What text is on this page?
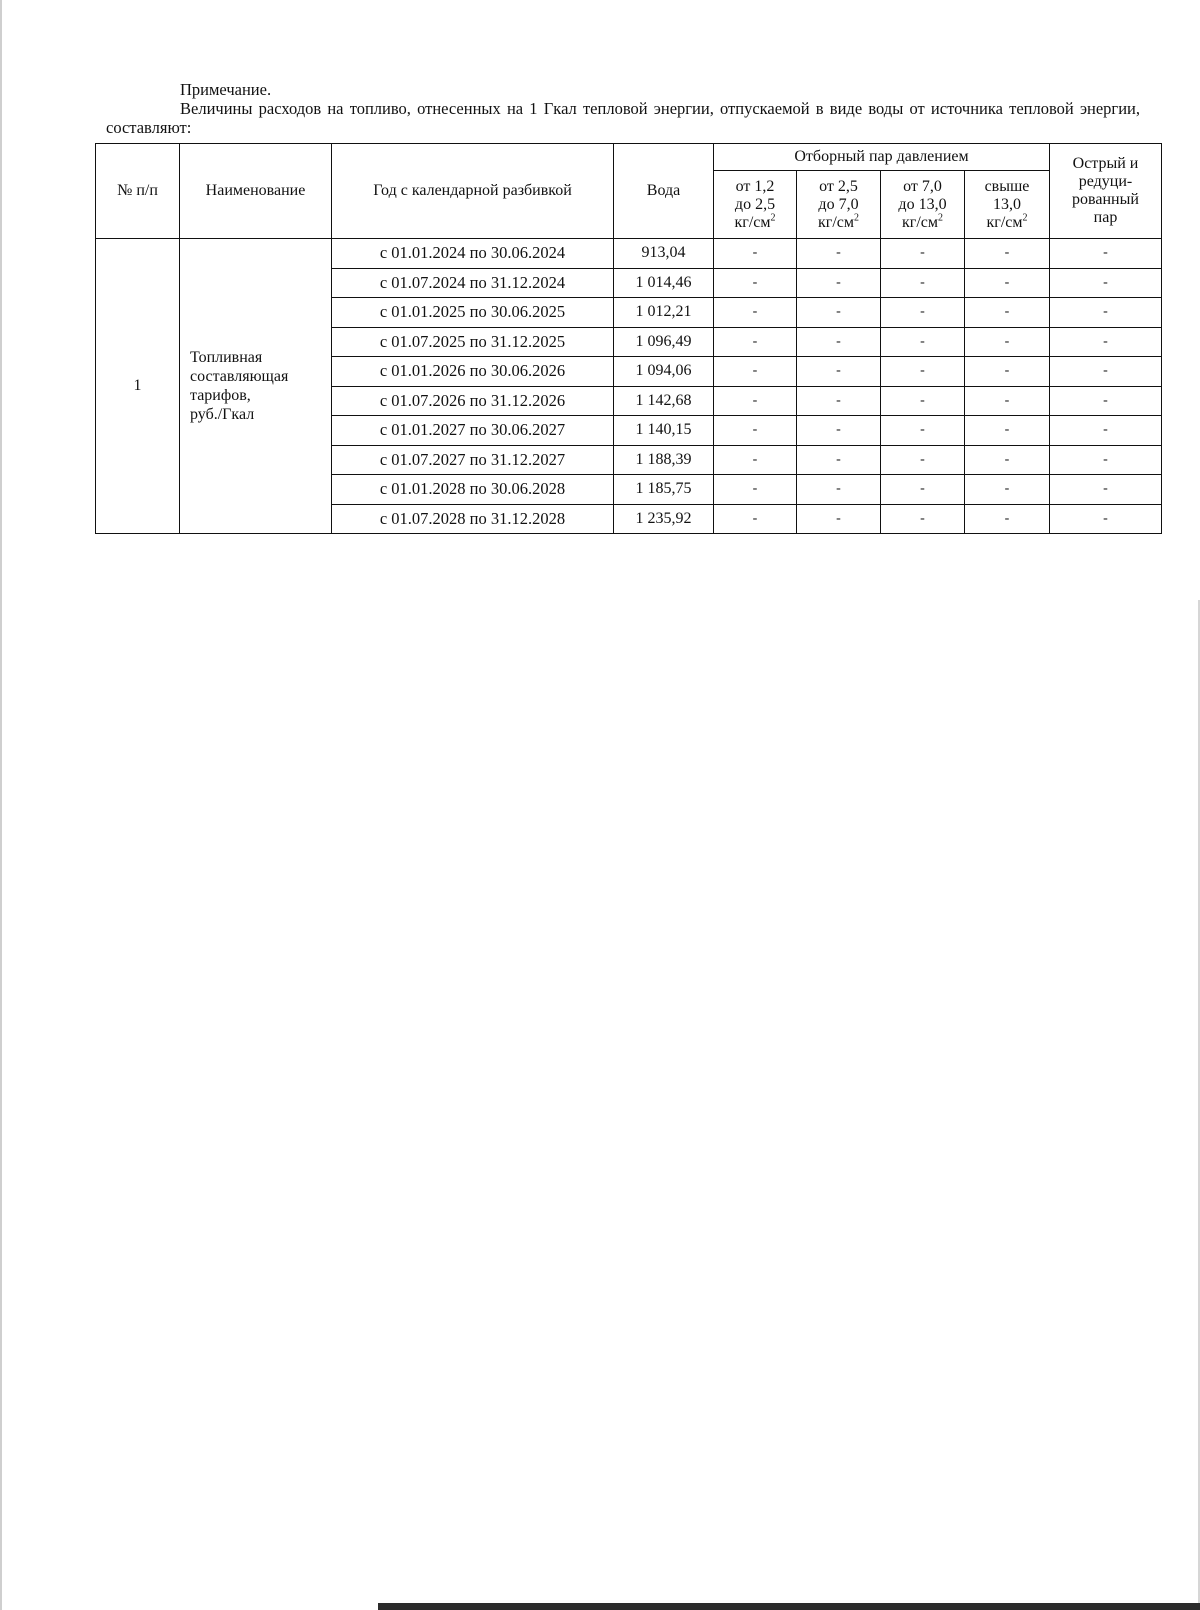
Примечание.
Величины расходов на топливо, отнесенных на 1 Гкал тепловой энергии, отпускаемой в виде воды от источника тепловой энергии, составляют:
№ п/п	Наименование	Год с календарной разбивкой	Вода	Отборный пар давлением				Острый и
редуци-
рованный
пар
				от 1,2
до 2,5
$кг/см^2$	от 2,5
до 7,0
$кг/см^2$	от 7,0
до 13,0
$кг/см^2$	свыше
13,0
$кг/см^2$
1	Топливная
составляющая
тарифов,
руб./Гкал	с 01.01.2024 по 30.06.2024	913,04	-	-	-	-	-
		с 01.07.2024 по 31.12.2024	1 014,46	-	-	-	-	-
		с 01.01.2025 по 30.06.2025	1 012,21	-	-	-	-	-
		с 01.07.2025 по 31.12.2025	1 096,49	-	-	-	-	-
		с 01.01.2026 по 30.06.2026	1 094,06	-	-	-	-	-
		с 01.07.2026 по 31.12.2026	1 142,68	-	-	-	-	-
		с 01.01.2027 по 30.06.2027	1 140,15	-	-	-	-	-
		с 01.07.2027 по 31.12.2027	1 188,39	-	-	-	-	-
		с 01.01.2028 по 30.06.2028	1 185,75	-	-	-	-	-
		с 01.07.2028 по 31.12.2028	1 235,92	-	-	-	-	-
